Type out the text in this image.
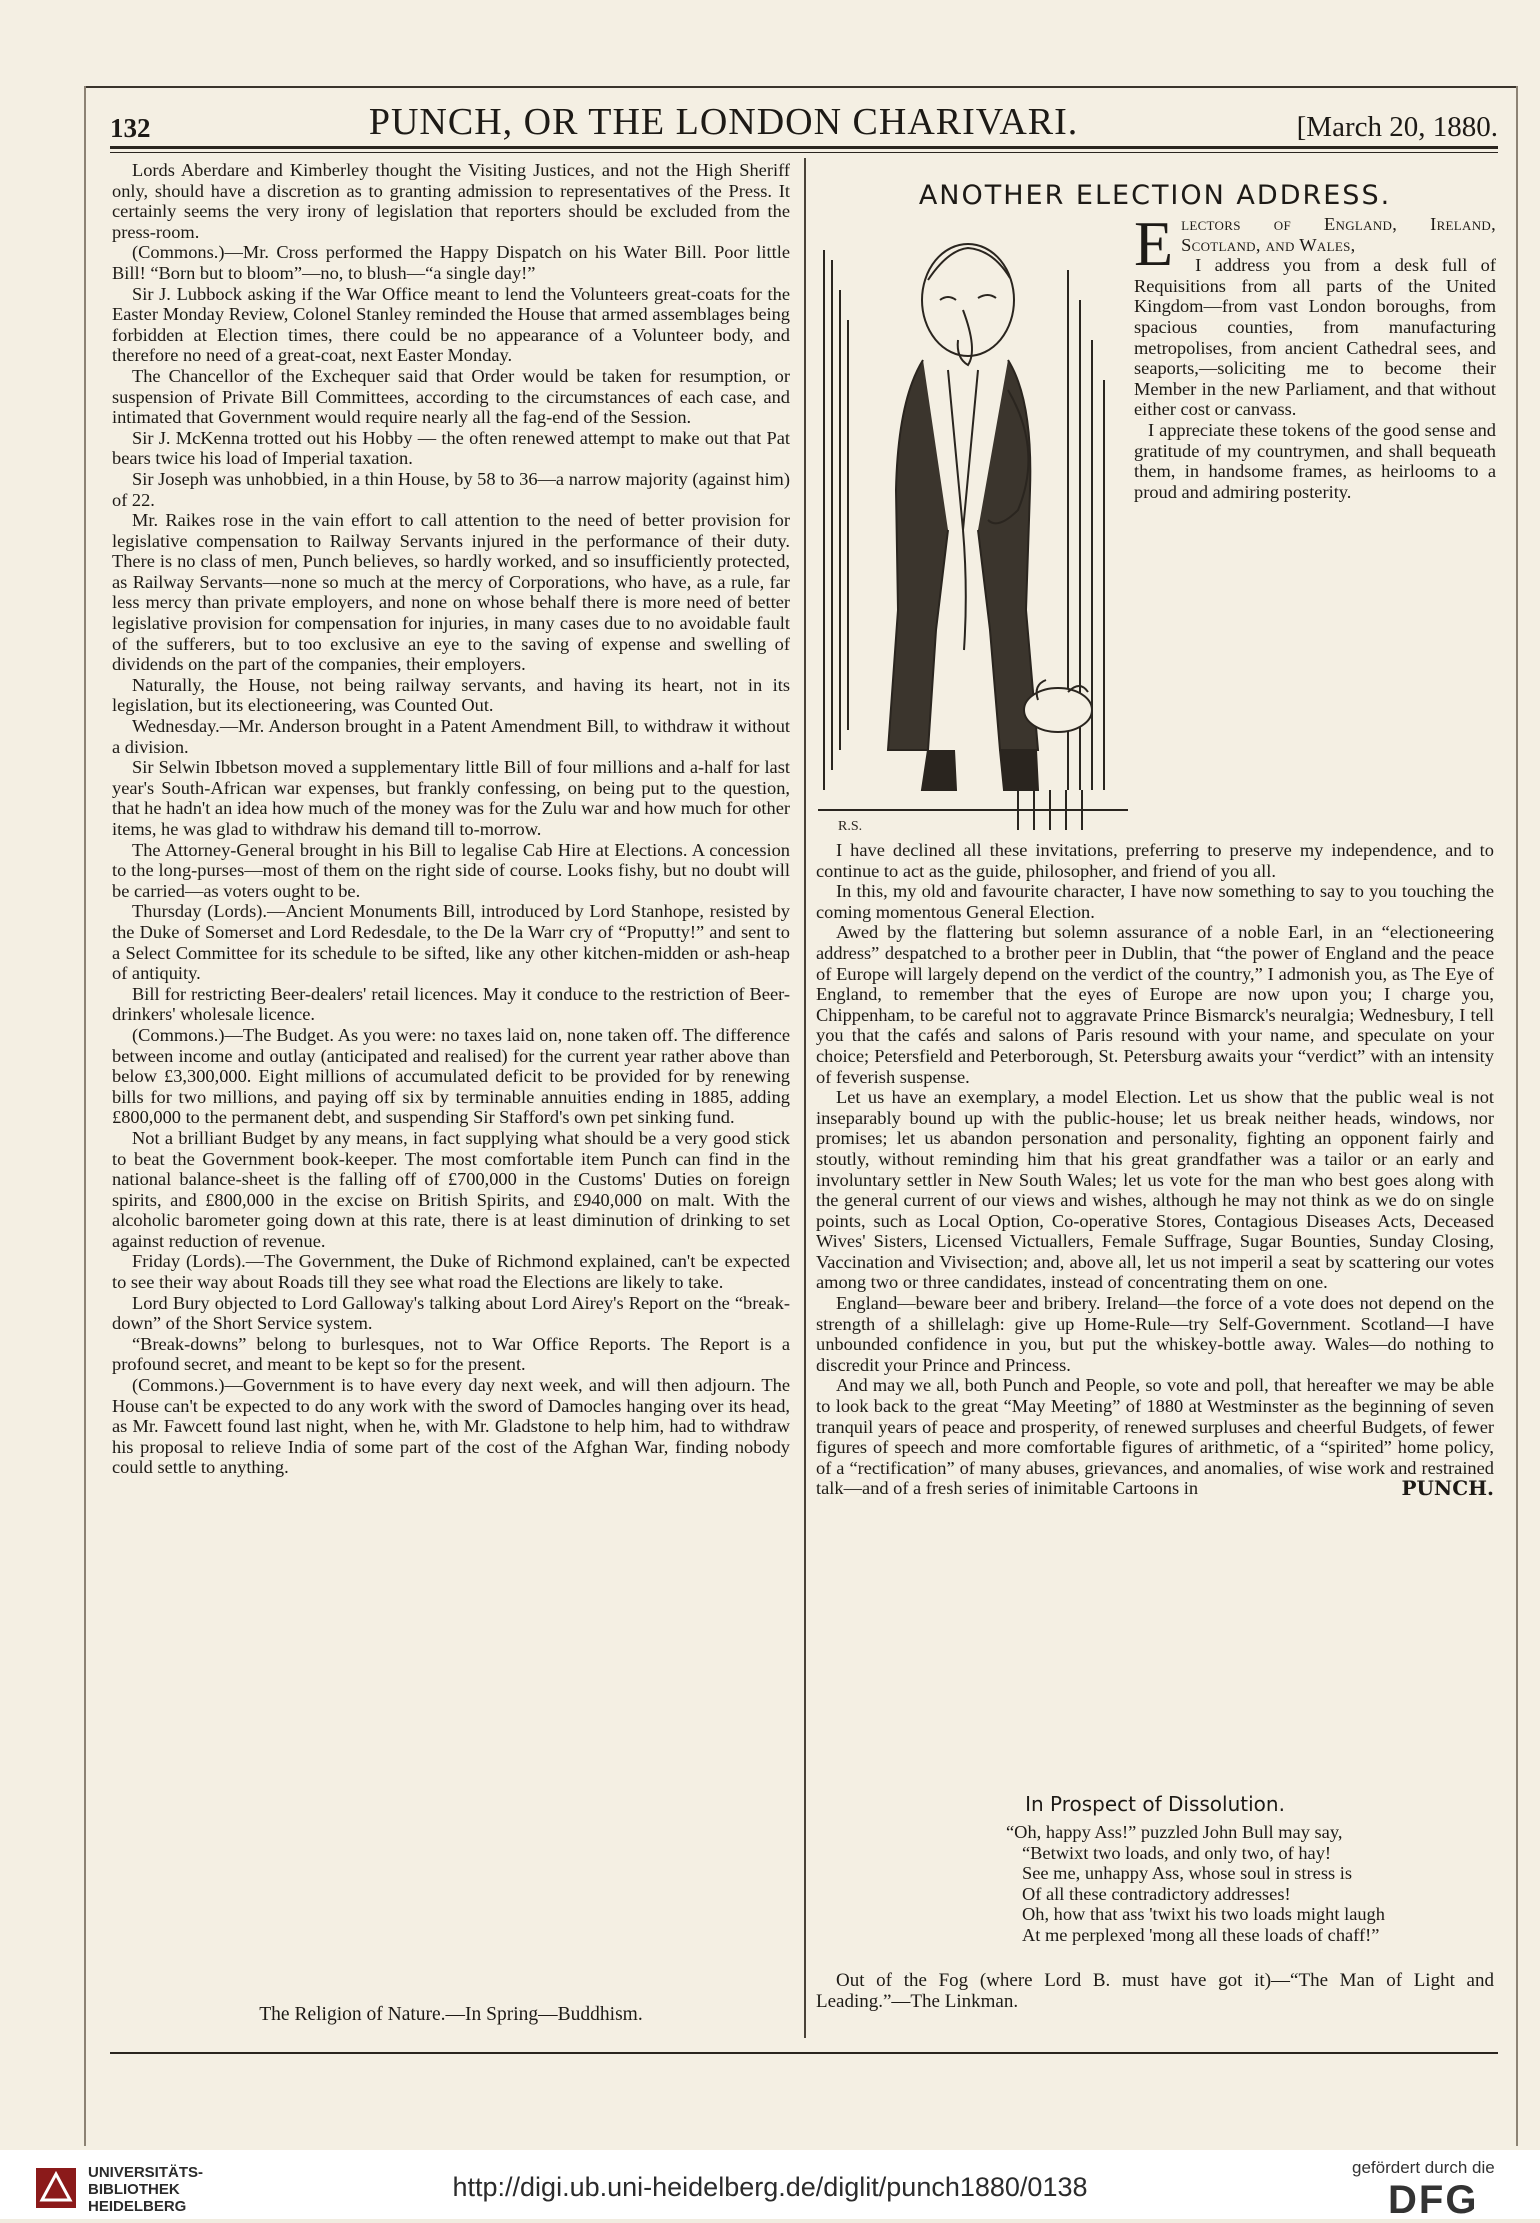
132	PUNCH, OR THE LONDON CHARIVARI.	[March 20, 1880.

Lords Aberdare and Kimberley thought the Visiting Justices, and not the High Sheriff only, should have a discretion as to granting admission to representatives of the Press. It certainly seems the very irony of legislation that reporters should be excluded from the press-room.

(Commons.)—Mr. Cross performed the Happy Dispatch on his Water Bill. Poor little Bill! “Born but to bloom”—no, to blush—“a single day!”

Sir J. Lubbock asking if the War Office meant to lend the Volunteers great-coats for the Easter Monday Review, Colonel Stanley reminded the House that armed assemblages being forbidden at Election times, there could be no appearance of a Volunteer body, and therefore no need of a great-coat, next Easter Monday.

The Chancellor of the Exchequer said that Order would be taken for resumption, or suspension of Private Bill Committees, according to the circumstances of each case, and intimated that Government would require nearly all the fag-end of the Session.

Sir J. McKenna trotted out his Hobby — the often renewed attempt to make out that Pat bears twice his load of Imperial taxation.

Sir Joseph was unhobbied, in a thin House, by 58 to 36—a narrow majority (against him) of 22.

Mr. Raikes rose in the vain effort to call attention to the need of better provision for legislative compensation to Railway Servants injured in the performance of their duty. There is no class of men, Punch believes, so hardly worked, and so insufficiently protected, as Railway Servants—none so much at the mercy of Corporations, who have, as a rule, far less mercy than private employers, and none on whose behalf there is more need of better legislative provision for compensation for injuries, in many cases due to no avoidable fault of the sufferers, but to too exclusive an eye to the saving of expense and swelling of dividends on the part of the companies, their employers.

Naturally, the House, not being railway servants, and having its heart, not in its legislation, but its electioneering, was Counted Out.

Wednesday.—Mr. Anderson brought in a Patent Amendment Bill, to withdraw it without a division.

Sir Selwin Ibbetson moved a supplementary little Bill of four millions and a-half for last year's South-African war expenses, but frankly confessing, on being put to the question, that he hadn't an idea how much of the money was for the Zulu war and how much for other items, he was glad to withdraw his demand till to-morrow.

The Attorney-General brought in his Bill to legalise Cab Hire at Elections. A concession to the long-purses—most of them on the right side of course. Looks fishy, but no doubt will be carried—as voters ought to be.

Thursday (Lords).—Ancient Monuments Bill, introduced by Lord Stanhope, resisted by the Duke of Somerset and Lord Redesdale, to the De la Warr cry of “Proputty!” and sent to a Select Committee for its schedule to be sifted, like any other kitchen-midden or ash-heap of antiquity.

Bill for restricting Beer-dealers' retail licences. May it conduce to the restriction of Beer-drinkers' wholesale licence.

(Commons.)—The Budget. As you were: no taxes laid on, none taken off. The difference between income and outlay (anticipated and realised) for the current year rather above than below £3,300,000. Eight millions of accumulated deficit to be provided for by renewing bills for two millions, and paying off six by terminable annuities ending in 1885, adding £800,000 to the permanent debt, and suspending Sir Stafford's own pet sinking fund.

Not a brilliant Budget by any means, in fact supplying what should be a very good stick to beat the Government book-keeper. The most comfortable item Punch can find in the national balance-sheet is the falling off of £700,000 in the Customs' Duties on foreign spirits, and £800,000 in the excise on British Spirits, and £940,000 on malt. With the alcoholic barometer going down at this rate, there is at least diminution of drinking to set against reduction of revenue.

Friday (Lords).—The Government, the Duke of Richmond explained, can't be expected to see their way about Roads till they see what road the Elections are likely to take.

Lord Bury objected to Lord Galloway's talking about Lord Airey's Report on the “break-down” of the Short Service system.

“Break-downs” belong to burlesques, not to War Office Reports. The Report is a profound secret, and meant to be kept so for the present.

(Commons.)—Government is to have every day next week, and will then adjourn. The House can't be expected to do any work with the sword of Damocles hanging over its head, as Mr. Fawcett found last night, when he, with Mr. Gladstone to help him, had to withdraw his proposal to relieve India of some part of the cost of the Afghan War, finding nobody could settle to anything.

The Religion of Nature.—In Spring—Buddhism.
ANOTHER ELECTION ADDRESS.
R.S.

Electors of England, Ireland, Scotland, and Wales,

I address you from a desk full of Requisitions from all parts of the United Kingdom—from vast London boroughs, from spacious counties, from manufacturing metropolises, from ancient Cathedral sees, and seaports,—soliciting me to become their Member in the new Parliament, and that without either cost or canvass.

I appreciate these tokens of the good sense and gratitude of my countrymen, and shall bequeath them, in handsome frames, as heirlooms to a proud and admiring posterity.

I have declined all these invitations, preferring to preserve my independence, and to continue to act as the guide, philosopher, and friend of you all.

In this, my old and favourite character, I have now something to say to you touching the coming momentous General Election.

Awed by the flattering but solemn assurance of a noble Earl, in an “electioneering address” despatched to a brother peer in Dublin, that “the power of England and the peace of Europe will largely depend on the verdict of the country,” I admonish you, as The Eye of England, to remember that the eyes of Europe are now upon you; I charge you, Chippenham, to be careful not to aggravate Prince Bismarck's neuralgia; Wednesbury, I tell you that the cafés and salons of Paris resound with your name, and speculate on your choice; Petersfield and Peterborough, St. Petersburg awaits your “verdict” with an intensity of feverish suspense.

Let us have an exemplary, a model Election. Let us show that the public weal is not inseparably bound up with the public-house; let us break neither heads, windows, nor promises; let us abandon personation and personality, fighting an opponent fairly and stoutly, without reminding him that his great grandfather was a tailor or an early and involuntary settler in New South Wales; let us vote for the man who best goes along with the general current of our views and wishes, although he may not think as we do on single points, such as Local Option, Co-operative Stores, Contagious Diseases Acts, Deceased Wives' Sisters, Licensed Victuallers, Female Suffrage, Sugar Bounties, Sunday Closing, Vaccination and Vivisection; and, above all, let us not imperil a seat by scattering our votes among two or three candidates, instead of concentrating them on one.

England—beware beer and bribery. Ireland—the force of a vote does not depend on the strength of a shillelagh: give up Home-Rule—try Self-Government. Scotland—I have unbounded confidence in you, but put the whiskey-bottle away. Wales—do nothing to discredit your Prince and Princess.

And may we all, both Punch and People, so vote and poll, that hereafter we may be able to look back to the great “May Meeting” of 1880 at Westminster as the beginning of seven tranquil years of peace and prosperity, of renewed surpluses and cheerful Budgets, of fewer figures of speech and more comfortable figures of arithmetic, of a “spirited” home policy, of a “rectification” of many abuses, grievances, and anomalies, of wise work and restrained talk—and of a fresh series of inimitable Cartoons in	PUNCH.

In Prospect of Dissolution.
“Oh, happy Ass!” puzzled John Bull may say,
“Betwixt two loads, and only two, of hay!
See me, unhappy Ass, whose soul in stress is
Of all these contradictory addresses!
Oh, how that ass 'twixt his two loads might laugh
At me perplexed 'mong all these loads of chaff!”

Out of the Fog (where Lord B. must have got it)—“The Man of Light and Leading.”—The Linkman.

UNIVERSITÄTS-
BIBLIOTHEK
HEIDELBERG
http://digi.ub.uni-heidelberg.de/diglit/punch1880/0138
gefördert durch die
DFG
